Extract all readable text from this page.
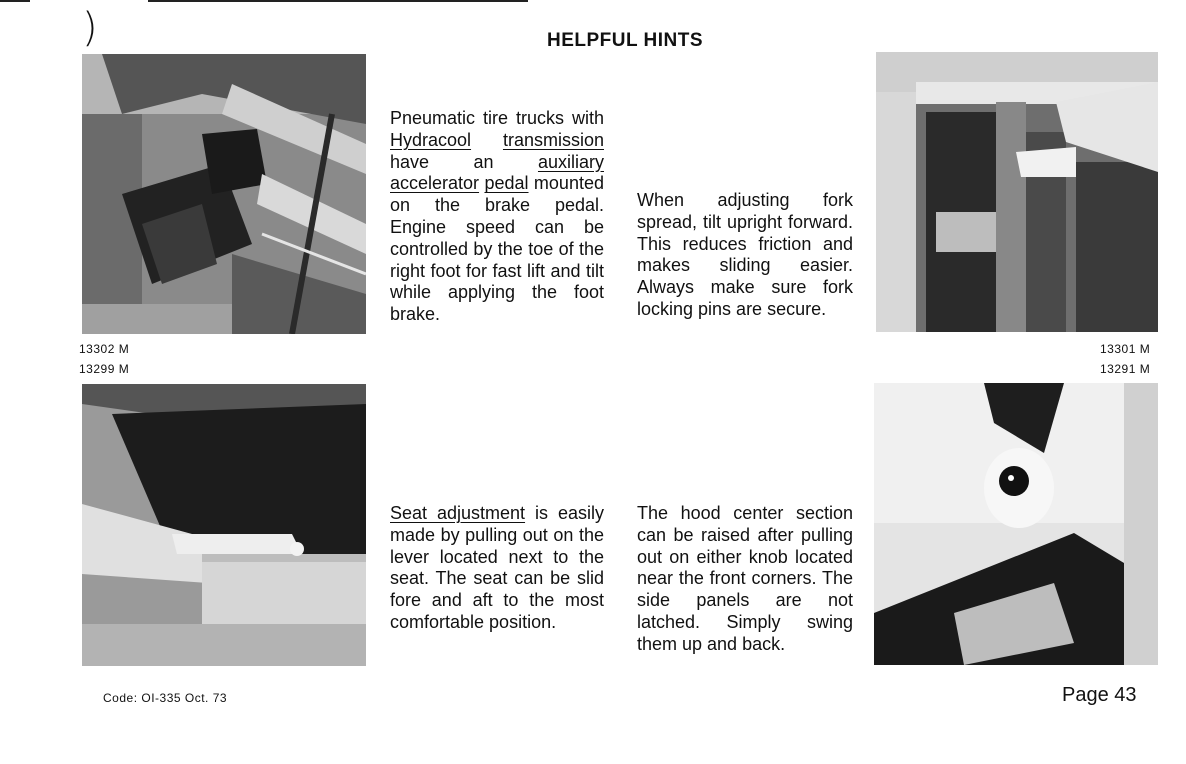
)	HELPFUL HINTS
13302 M
13299 M
13301 M
13291 M

Pneumatic tire trucks with Hydracool transmission have an auxiliary accelerator pedal mounted on the brake pedal. Engine speed can be controlled by the toe of the right foot for fast lift and tilt while applying the foot brake.

When adjusting fork spread, tilt upright forward. This reduces friction and makes sliding easier. Always make sure fork locking pins are secure.

Seat adjustment is easily made by pulling out on the lever located next to the seat. The seat can be slid fore and aft to the most comfortable position.

The hood center section can be raised after pulling out on either knob located near the front corners. The side panels are not latched. Simply swing them up and back.

Code: OI-335 Oct. 73	Page 43
